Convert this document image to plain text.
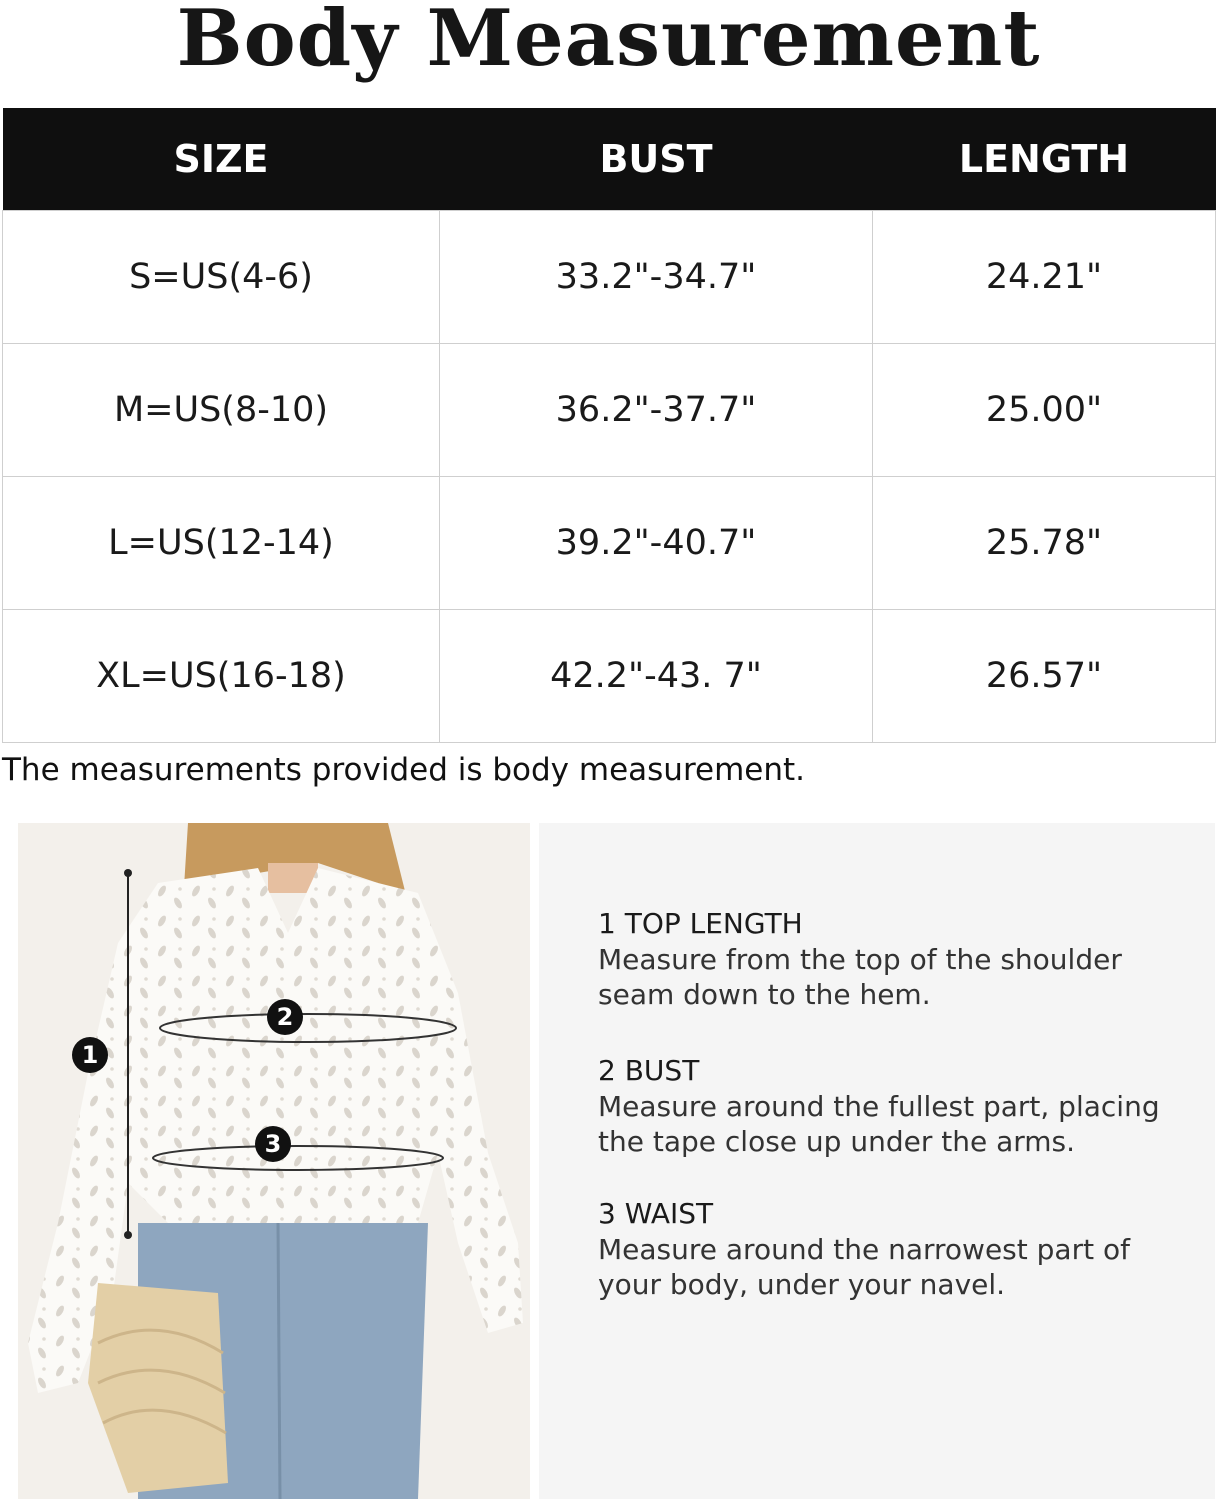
Body Measurement
SIZE	BUST	LENGTH
S=US(4-6)	33.2"-34.7"	24.21"
M=US(8-10)	36.2"-37.7"	25.00"
L=US(12-14)	39.2"-40.7"	25.78"
XL=US(16-18)	42.2"-43. 7"	26.57"
The measurements provided is body measurement.
1
2
3
1 TOP LENGTH
Measure from the top of the shoulder
seam down to the hem.
2 BUST
Measure around the fullest part, placing
the tape close up under the arms.
3 WAIST
Measure around the narrowest part of
your body, under your navel.
